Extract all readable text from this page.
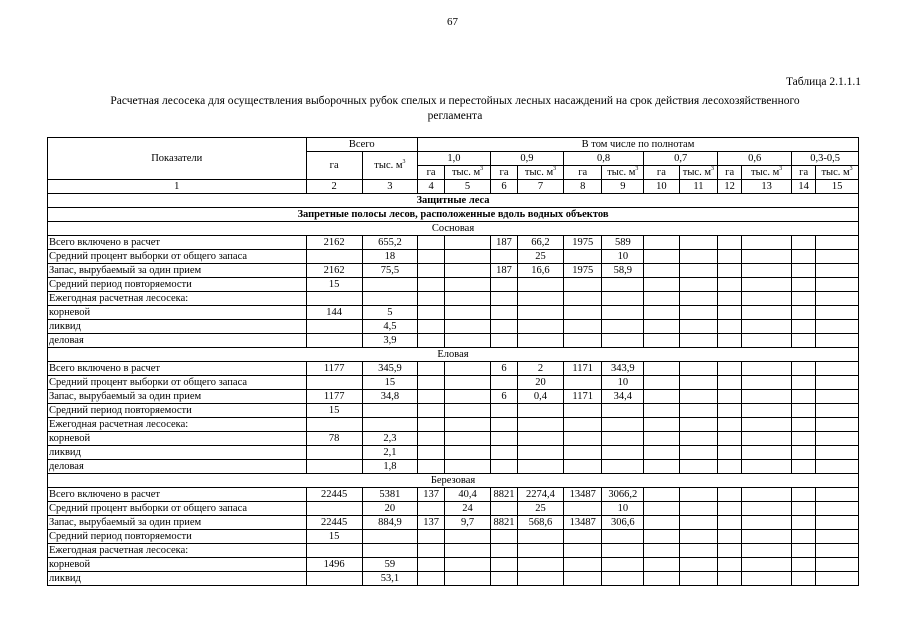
67
Таблица 2.1.1.1
Расчетная лесосека для осуществления выборочных рубок спелых и перестойных лесных насаждений на срок действия лесохозяйственного
регламента
Показатели	Всего		В том числе по полнотам											
	га	тыс. $м^3$	1,0		0,9		0,8		0,7		0,6		0,3-0,5	
			га	тыс. $м^3$	га	тыс. $м^3$	га	тыс. $м^3$	га	тыс. $м^3$	га	тыс. $м^3$	га	тыс. $м^3$
1	2	3	4	5	6	7	8	9	10	11	12	13	14	15
Защитные леса														
Запретные полосы лесов, расположенные вдоль водных объектов														
Сосновая														
Всего включено в расчет	2162	655,2			187	66,2	1975	589						
Средний процент выборки от общего запаса		18				25		10						
Запас, вырубаемый за один прием	2162	75,5			187	16,6	1975	58,9						
Средний период повторяемости	15													
Ежегодная расчетная лесосека:														
корневой	144	5												
ликвид		4,5												
деловая		3,9												
Еловая														
Всего включено в расчет	1177	345,9			6	2	1171	343,9						
Средний процент выборки от общего запаса		15				20		10						
Запас, вырубаемый за один прием	1177	34,8			6	0,4	1171	34,4						
Средний период повторяемости	15													
Ежегодная расчетная лесосека:														
корневой	78	2,3												
ликвид		2,1												
деловая		1,8												
Березовая														
Всего включено в расчет	22445	5381	137	40,4	8821	2274,4	13487	3066,2						
Средний процент выборки от общего запаса		20		24		25		10						
Запас, вырубаемый за один прием	22445	884,9	137	9,7	8821	568,6	13487	306,6						
Средний период повторяемости	15													
Ежегодная расчетная лесосека:														
корневой	1496	59												
ликвид		53,1												
